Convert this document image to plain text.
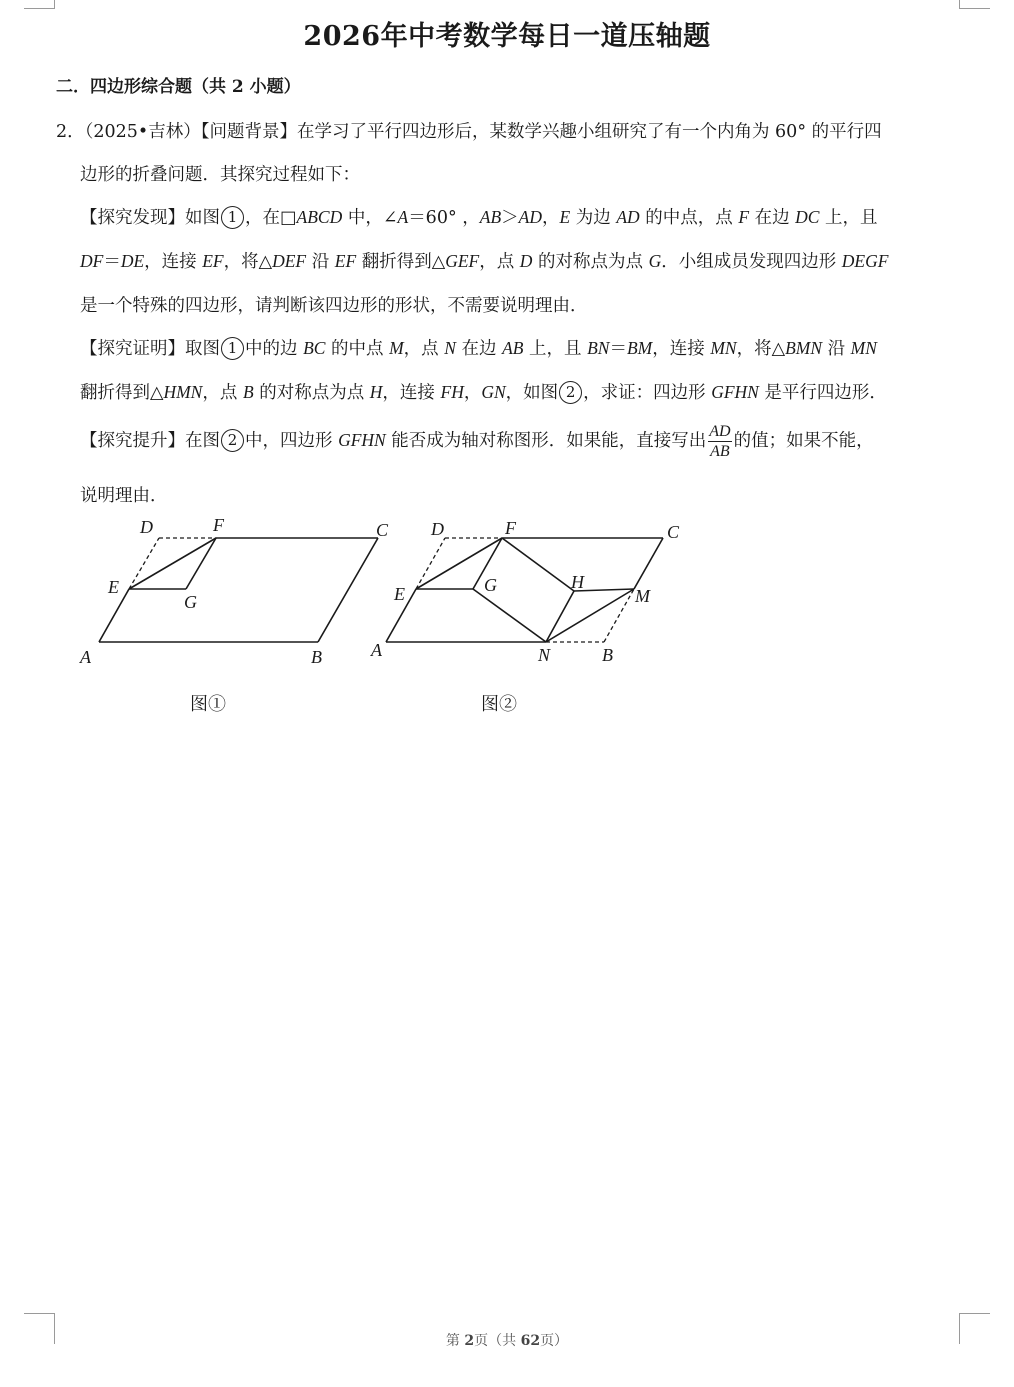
2026年中考数学每日一道压轴题
二．四边形综合题（共 2 小题）
2．（2025•吉林）【问题背景】在学习了平行四边形后，某数学兴趣小组研究了有一个内角为 60° 的平行四
边形的折叠问题．其探究过程如下：
【探究发现】如图 1 ，在□ABCD 中，∠A＝60° ，AB＞AD，E 为边 AD 的中点，点 F 在边 DC 上，且
DF＝DE，连接 EF，将△DEF 沿 EF 翻折得到△GEF，点 D 的对称点为点 G．小组成员发现四边形 DEGF
是一个特殊的四边形，请判断该四边形的形状，不需要说明理由．
【探究证明】取图 1 中的边 BC 的中点 M，点 N 在边 AB 上，且 BN＝BM，连接 MN，将△BMN 沿 MN
翻折得到△HMN，点 B 的对称点为点 H，连接 FH，GN，如图 2 ，求证：四边形 GFHN 是平行四边形．
【探究提升】在图 2 中，四边形 GFHN 能否成为轴对称图形．如果能，直接写出 $\frac{AD}{AB}$ 的值；如果不能，
说明理由．
A	B
C
D
E
F
G
图①
A	B
C
D
E
F
G	H
M
N
图②
第 2页（共 62页）
